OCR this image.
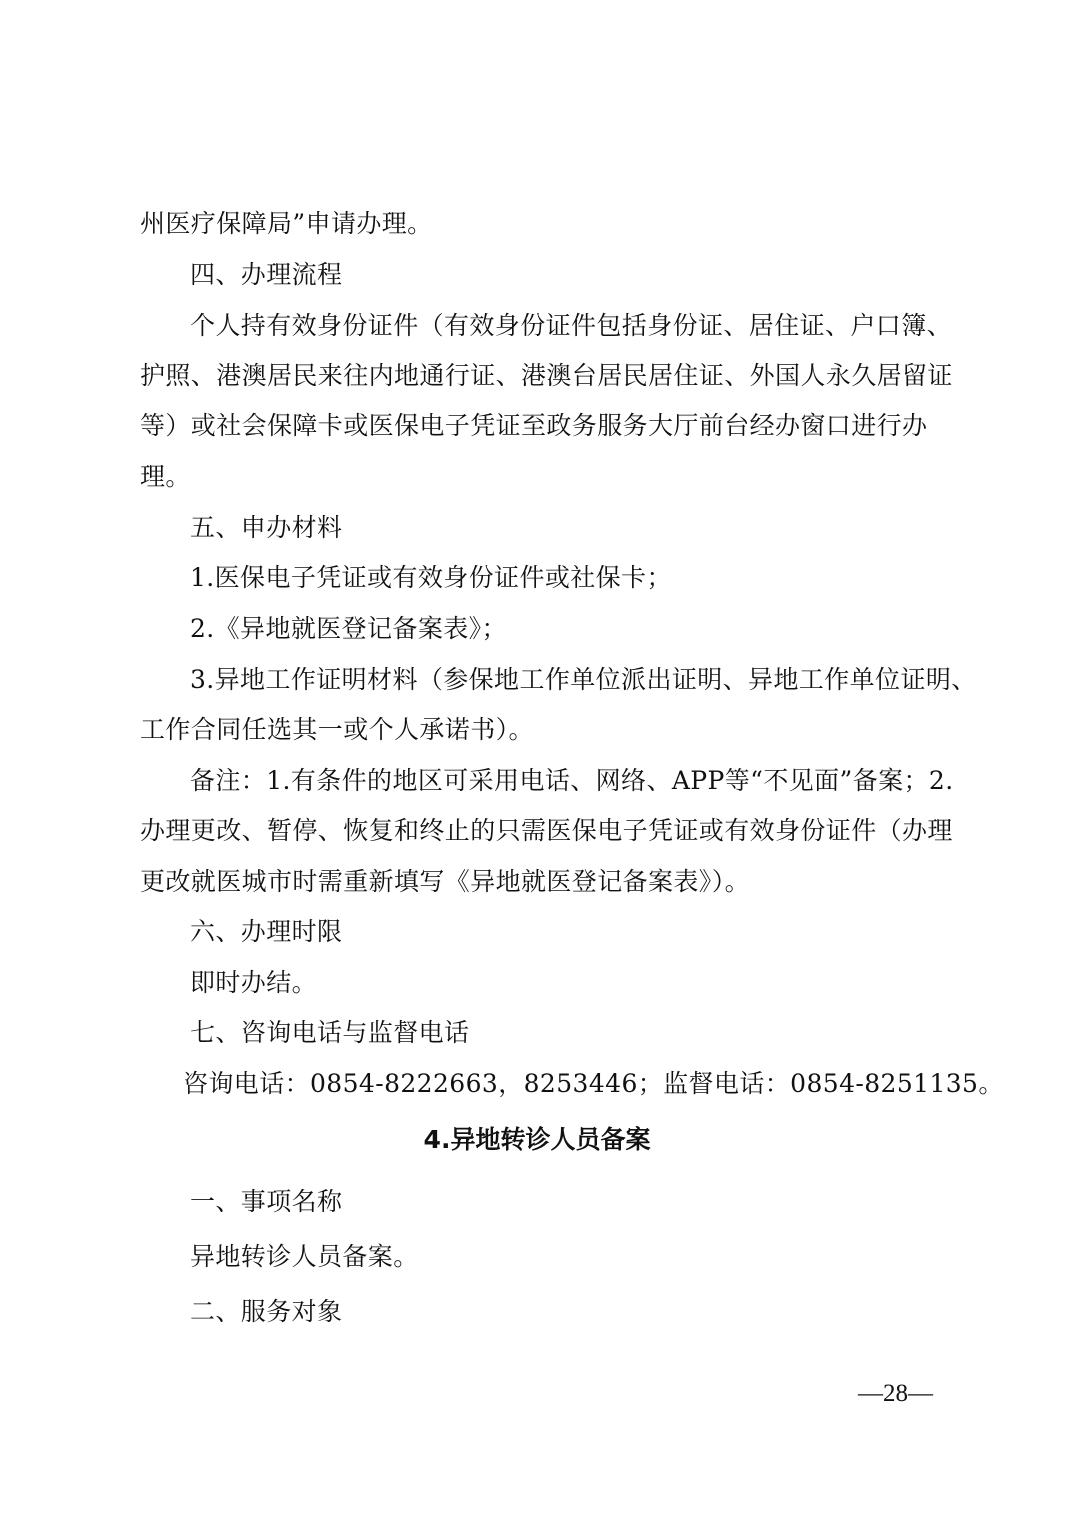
州医疗保障局”申请办理。
四、办理流程
个人持有效身份证件（有效身份证件包括身份证、居住证、户口簿、
护照、港澳居民来往内地通行证、港澳台居民居住证、外国人永久居留证
等）或社会保障卡或医保电子凭证至政务服务大厅前台经办窗口进行办
理。
五、申办材料
1.医保电子凭证或有效身份证件或社保卡；
2.《异地就医登记备案表》；
3.异地工作证明材料（参保地工作单位派出证明、异地工作单位证明、
工作合同任选其一或个人承诺书）。
备注：1.有条件的地区可采用电话、网络、APP等“不见面”备案；2.
办理更改、暂停、恢复和终止的只需医保电子凭证或有效身份证件（办理
更改就医城市时需重新填写《异地就医登记备案表》）。
六、办理时限
即时办结。
七、咨询电话与监督电话
咨询电话：0854-8222663，8253446；监督电话：0854-8251135。
4.异地转诊人员备案
一、事项名称
异地转诊人员备案。
二、服务对象
—28—
